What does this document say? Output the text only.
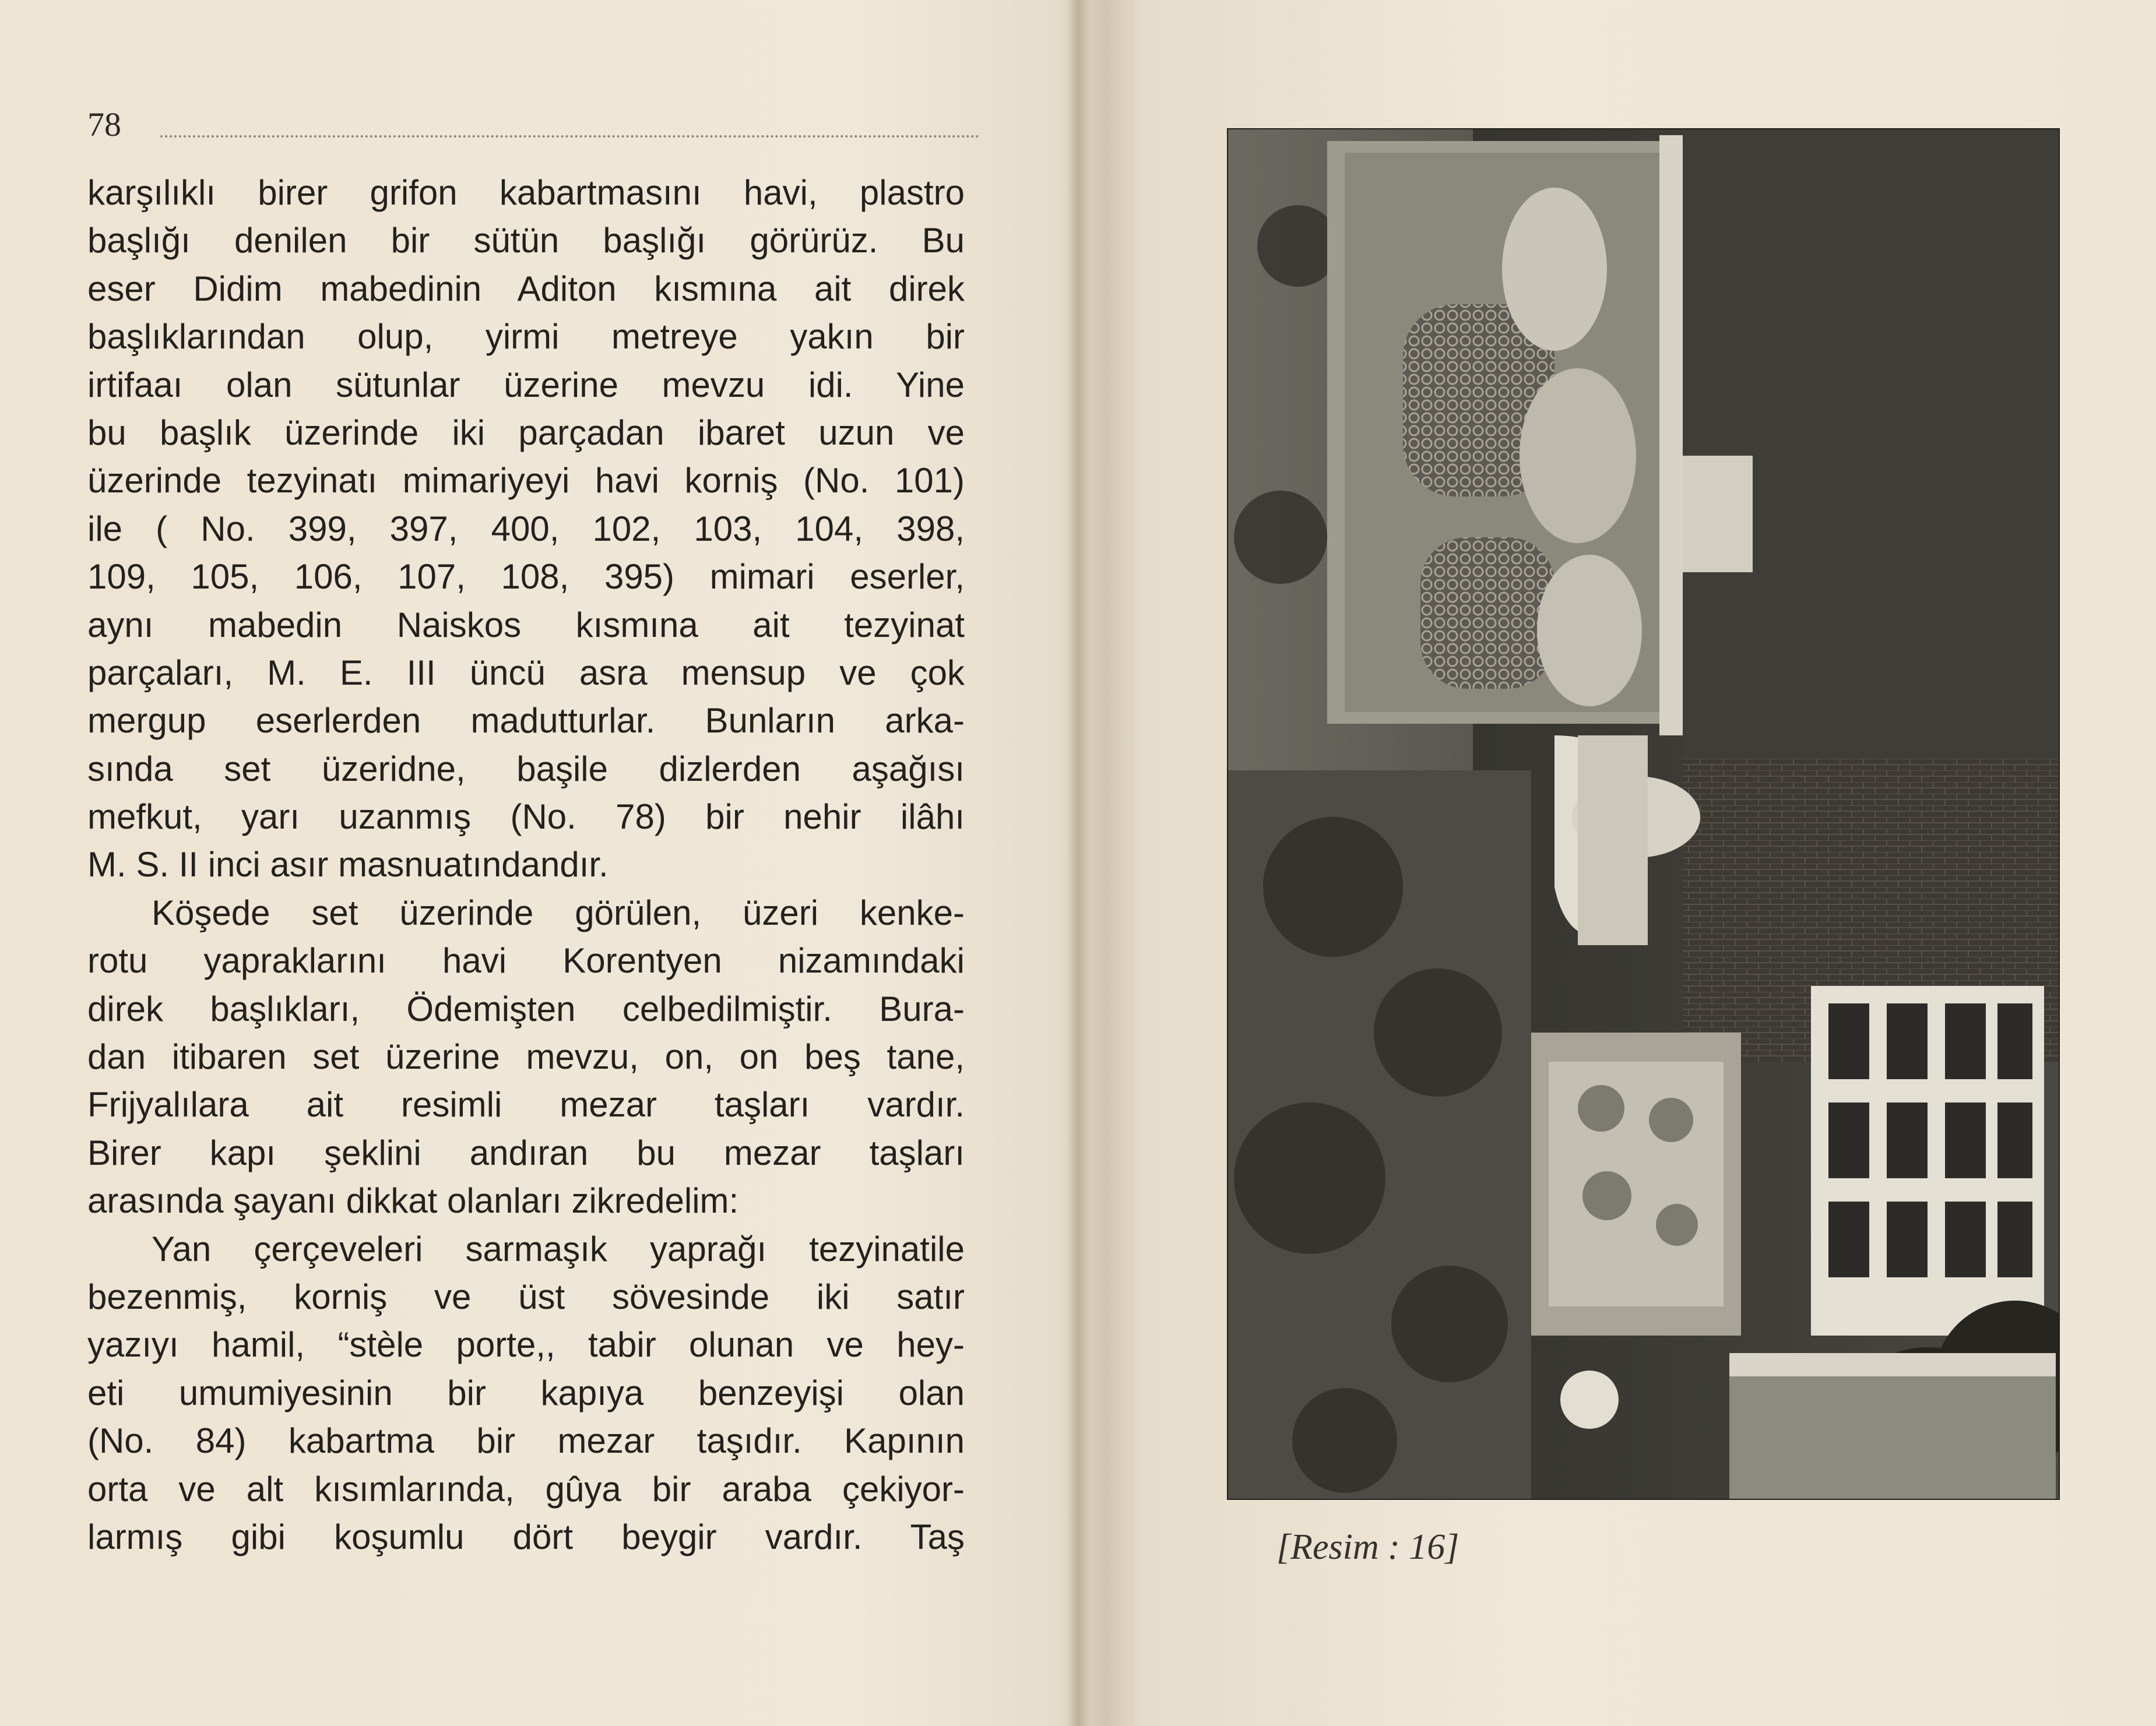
78
karşılıklı birer grifon kabartmasını havi, plastro
başlığı denilen bir sütün başlığı görürüz. Bu
eser Didim mabedinin Aditon kısmına ait direk
başlıklarından olup, yirmi metreye yakın bir
irtifaaı olan sütunlar üzerine mevzu idi. Yine
bu başlık üzerinde iki parçadan ibaret uzun ve
üzerinde tezyinatı mimariyeyi havi korniş (No. 101)
ile ( No. 399, 397, 400, 102, 103, 104, 398,
109, 105, 106, 107, 108, 395) mimari eserler,
aynı mabedin Naiskos kısmına ait tezyinat
parçaları, M. E. III üncü asra mensup ve çok
mergup eserlerden madutturlar. Bunların arka-
sında set üzeridne, başile dizlerden aşağısı
mefkut, yarı uzanmış (No. 78) bir nehir ilâhı
M. S. II inci asır masnuatındandır.
Köşede set üzerinde görülen, üzeri kenke-
rotu yapraklarını havi Korentyen nizamındaki
direk başlıkları, Ödemişten celbedilmiştir. Bura-
dan itibaren set üzerine mevzu, on, on beş tane,
Frijyalılara ait resimli mezar taşları vardır.
Birer kapı şeklini andıran bu mezar taşları
arasında şayanı dikkat olanları zikredelim:
Yan çerçeveleri sarmaşık yaprağı tezyinatile
bezenmiş, korniş ve üst sövesinde iki satır
yazıyı hamil, “stèle porte,, tabir olunan ve hey-
eti umumiyesinin bir kapıya benzeyişi olan
(No. 84) kabartma bir mezar taşıdır. Kapının
orta ve alt kısımlarında, gûya bir araba çekiyor-
larmış gibi koşumlu dört beygir vardır. Taş	[Resim : 16]
